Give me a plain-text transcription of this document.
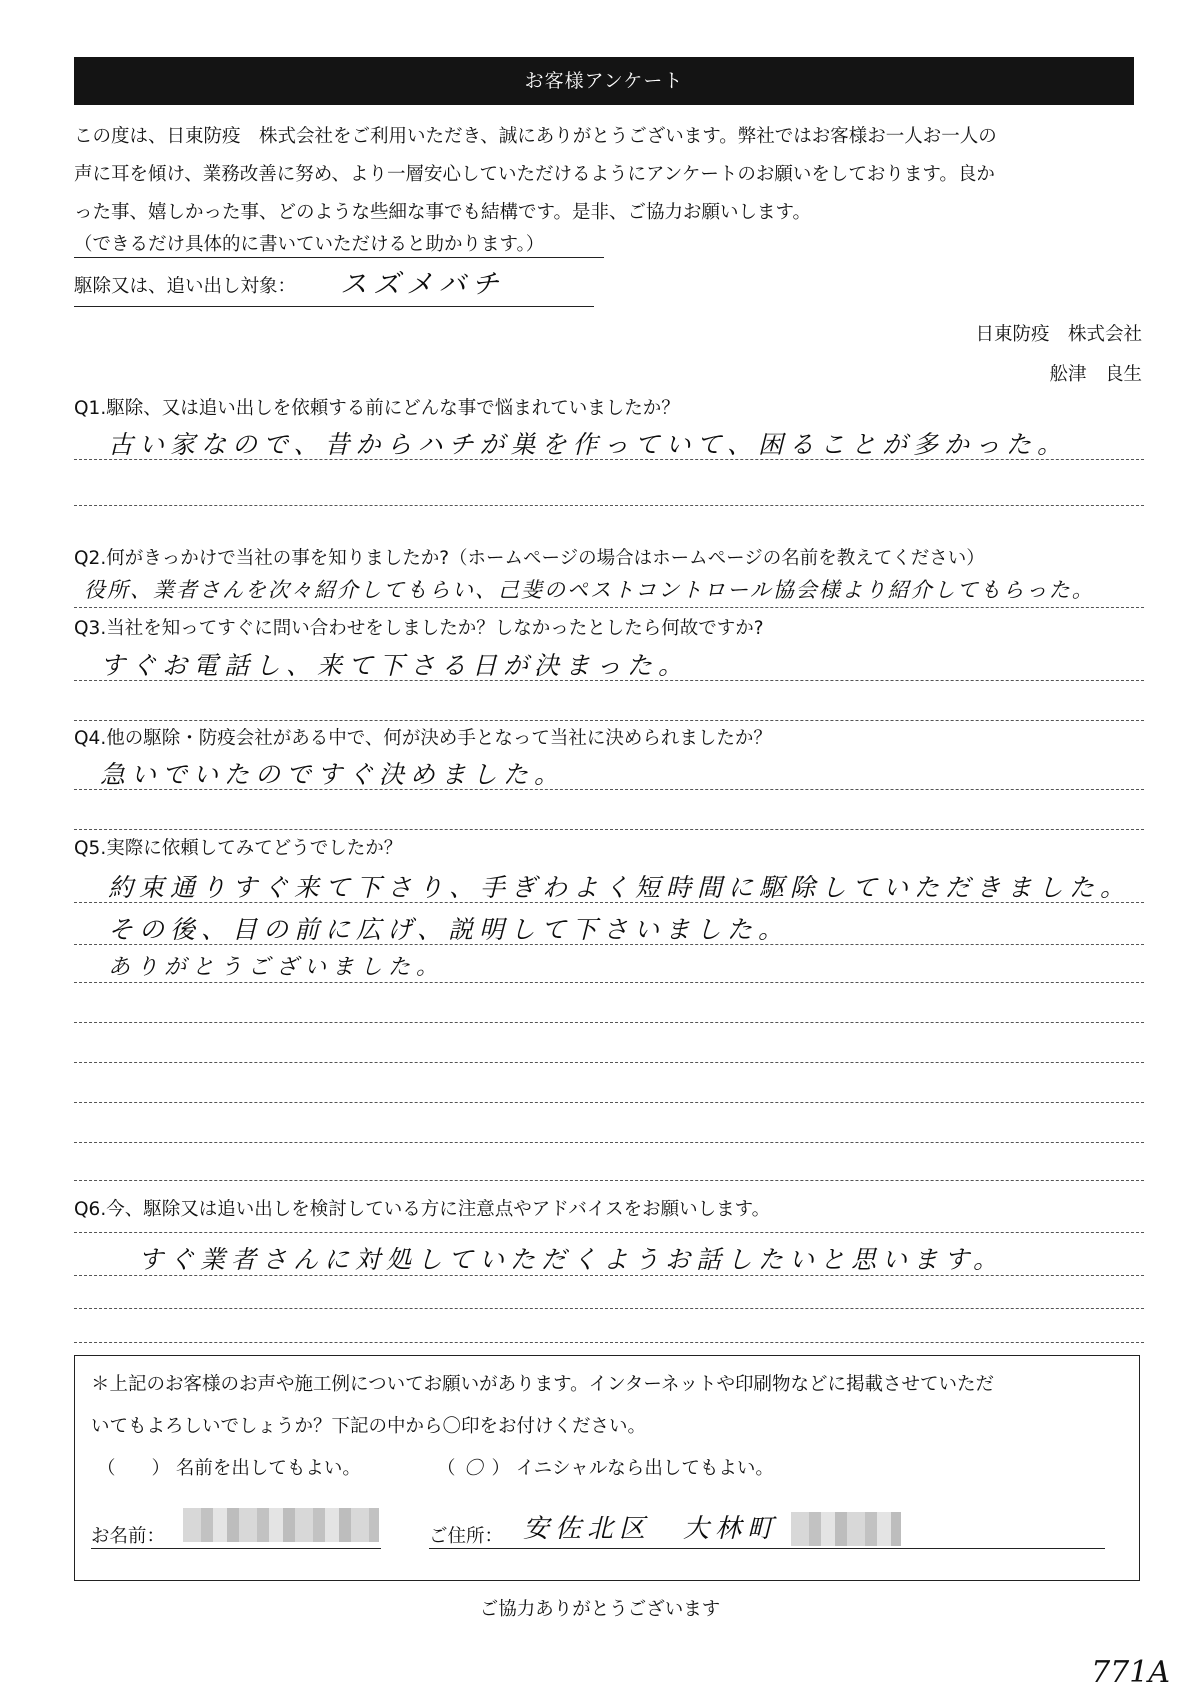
お客様アンケート
この度は、日東防疫　株式会社をご利用いただき、誠にありがとうございます。弊社ではお客様お一人お一人の
声に耳を傾け、業務改善に努め、より一層安心していただけるようにアンケートのお願いをしております。良か
った事、嬉しかった事、どのような些細な事でも結構です。是非、ご協力お願いします。
（できるだけ具体的に書いていただけると助かります。）
駆除又は、追い出し対象： スズメバチ
日東防疫　株式会社
舩津　良生
Q1.駆除、又は追い出しを依頼する前にどんな事で悩まれていましたか？
古い家なので、昔からハチが巣を作っていて、困ることが多かった。
Q2.何がきっかけで当社の事を知りましたか?（ホームページの場合はホームページの名前を教えてください）
役所、業者さんを次々紹介してもらい、己斐のペストコントロール協会様より紹介してもらった。
Q3.当社を知ってすぐに問い合わせをしましたか？しなかったとしたら何故ですか?
すぐお電話し、来て下さる日が決まった。
Q4.他の駆除・防疫会社がある中で、何が決め手となって当社に決められましたか？
急いでいたのですぐ決めました。
Q5.実際に依頼してみてどうでしたか？
約束通りすぐ来て下さり、手ぎわよく短時間に駆除していただきました。
その後、目の前に広げ、説明して下さいました。
ありがとうございました。
Q6.今、駆除又は追い出しを検討している方に注意点やアドバイスをお願いします。
すぐ業者さんに対処していただくようお話したいと思います。
＊上記のお客様のお声や施工例についてお願いがあります。インターネットや印刷物などに掲載させていただ
いてもよろしいでしょうか？下記の中から〇印をお付けください。
（ ） 名前を出してもよい。	（ 〇 ） イニシャルなら出してもよい。
お名前：	ご住所： 安佐北区　大林町
ご協力ありがとうございます
771A
